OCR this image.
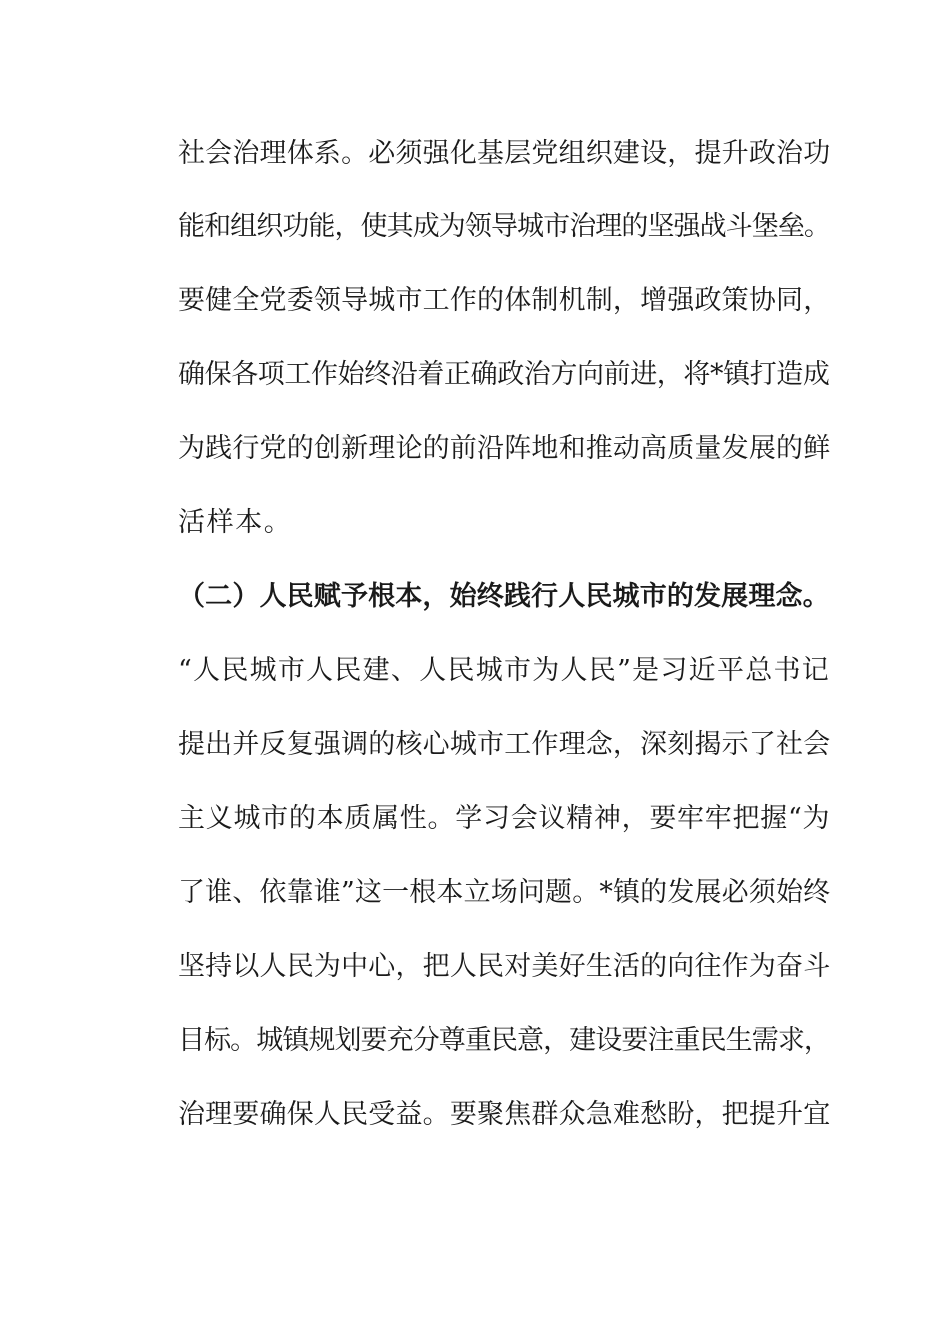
社会治理体系。必须强化基层党组织建设，提升政治功
能和组织功能，使其成为领导城市治理的坚强战斗堡垒。
要健全党委领导城市工作的体制机制，增强政策协同，
确保各项工作始终沿着正确政治方向前进，将*镇打造成
为践行党的创新理论的前沿阵地和推动高质量发展的鲜
活样本。
（二）人民赋予根本，始终践行人民城市的发展理念。
“人民城市人民建、人民城市为人民”是习近平总书记
提出并反复强调的核心城市工作理念，深刻揭示了社会
主义城市的本质属性。学习会议精神，要牢牢把握“为
了谁、依靠谁”这一根本立场问题。*镇的发展必须始终
坚持以人民为中心，把人民对美好生活的向往作为奋斗
目标。城镇规划要充分尊重民意，建设要注重民生需求，
治理要确保人民受益。要聚焦群众急难愁盼，把提升宜
